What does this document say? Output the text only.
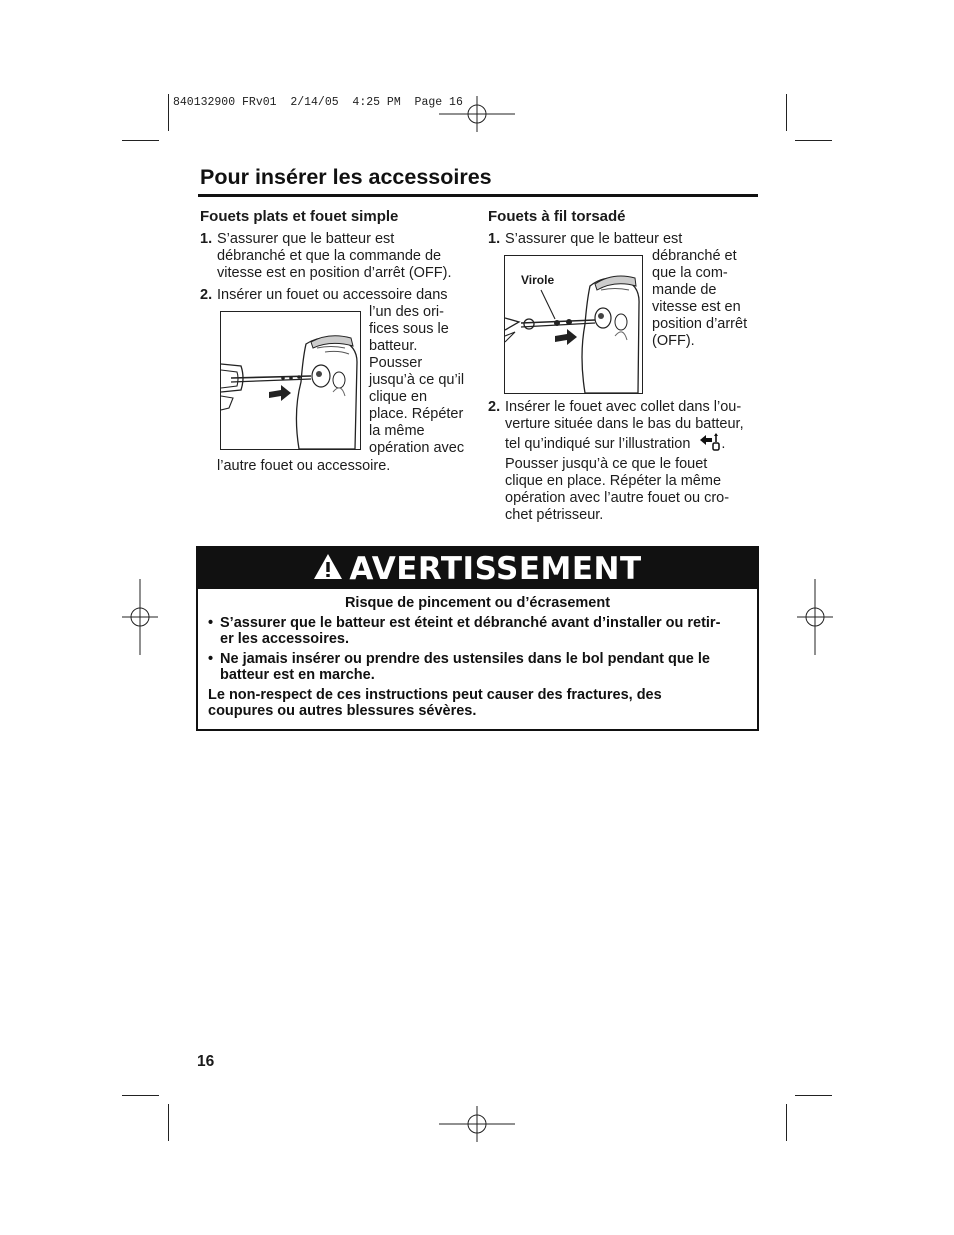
840132900 FRv01  2/14/05  4:25 PM  Page 16
Pour insérer les accessoires
Fouets plats et fouet simple
1. S’assurer que le batteur est
débranché et que la commande de
vitesse est en position d’arrêt (OFF).
2. Insérer un fouet ou accessoire dans
l’un des ori-
fices sous le
batteur.
Pousser
jusqu’à ce qu’il
clique en
place. Répéter
la même
opération avec
l’autre fouet ou accessoire.
Fouets à fil torsadé
1. S’assurer que le batteur est
débranché et
que la com-
mande de
vitesse est en
position d’arrêt
(OFF).
Virole
2. Insérer le fouet avec collet dans l’ou-
verture située dans le bas du batteur,
tel qu’indiqué sur l’illustration .
Pousser jusqu’à ce que le fouet
clique en place. Répéter la même
opération avec l’autre fouet ou cro-
chet pétrisseur.
AVERTISSEMENT
Risque de pincement ou d’écrasement
• S’assurer que le batteur est éteint et débranché avant d’installer ou retir-
er les accessoires.
• Ne jamais insérer ou prendre des ustensiles dans le bol pendant que le
batteur est en marche.
Le non-respect de ces instructions peut causer des fractures, des
coupures ou autres blessures sévères.
16
